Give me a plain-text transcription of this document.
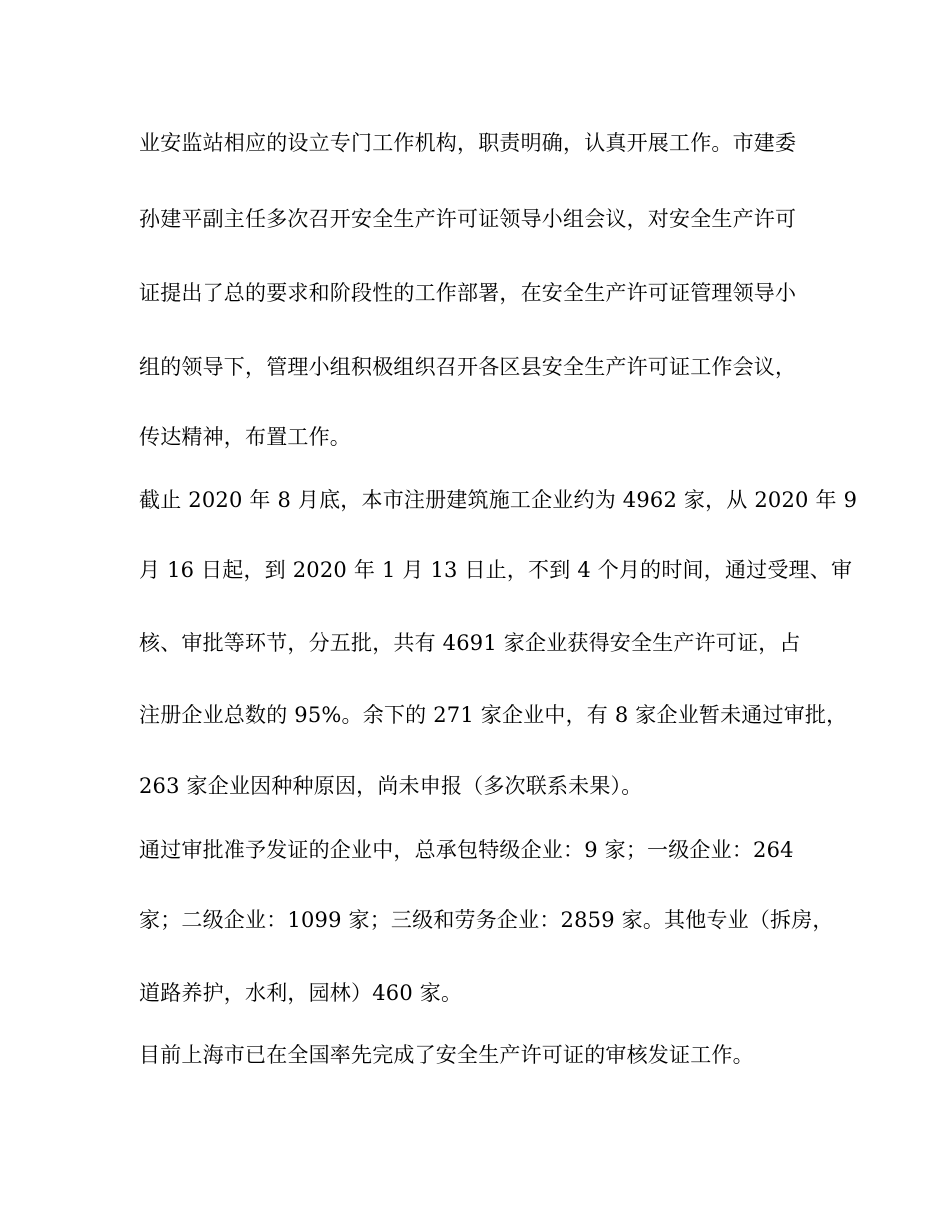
业安监站相应的设立专门工作机构，职责明确，认真开展工作。市建委
孙建平副主任多次召开安全生产许可证领导小组会议，对安全生产许可
证提出了总的要求和阶段性的工作部署，在安全生产许可证管理领导小
组的领导下，管理小组积极组织召开各区县安全生产许可证工作会议，
传达精神，布置工作。
截止 2020 年 8 月底，本市注册建筑施工企业约为 4962 家，从 2020 年 9
月 16 日起，到 2020 年 1 月 13 日止，不到 4 个月的时间，通过受理、审
核、审批等环节，分五批，共有 4691 家企业获得安全生产许可证，占
注册企业总数的 95%。余下的 271 家企业中，有 8 家企业暂未通过审批，
263 家企业因种种原因，尚未申报（多次联系未果）。
通过审批准予发证的企业中，总承包特级企业：9 家；一级企业：264
家；二级企业：1099 家；三级和劳务企业：2859 家。其他专业（拆房，
道路养护，水利，园林）460 家。
目前上海市已在全国率先完成了安全生产许可证的审核发证工作。
